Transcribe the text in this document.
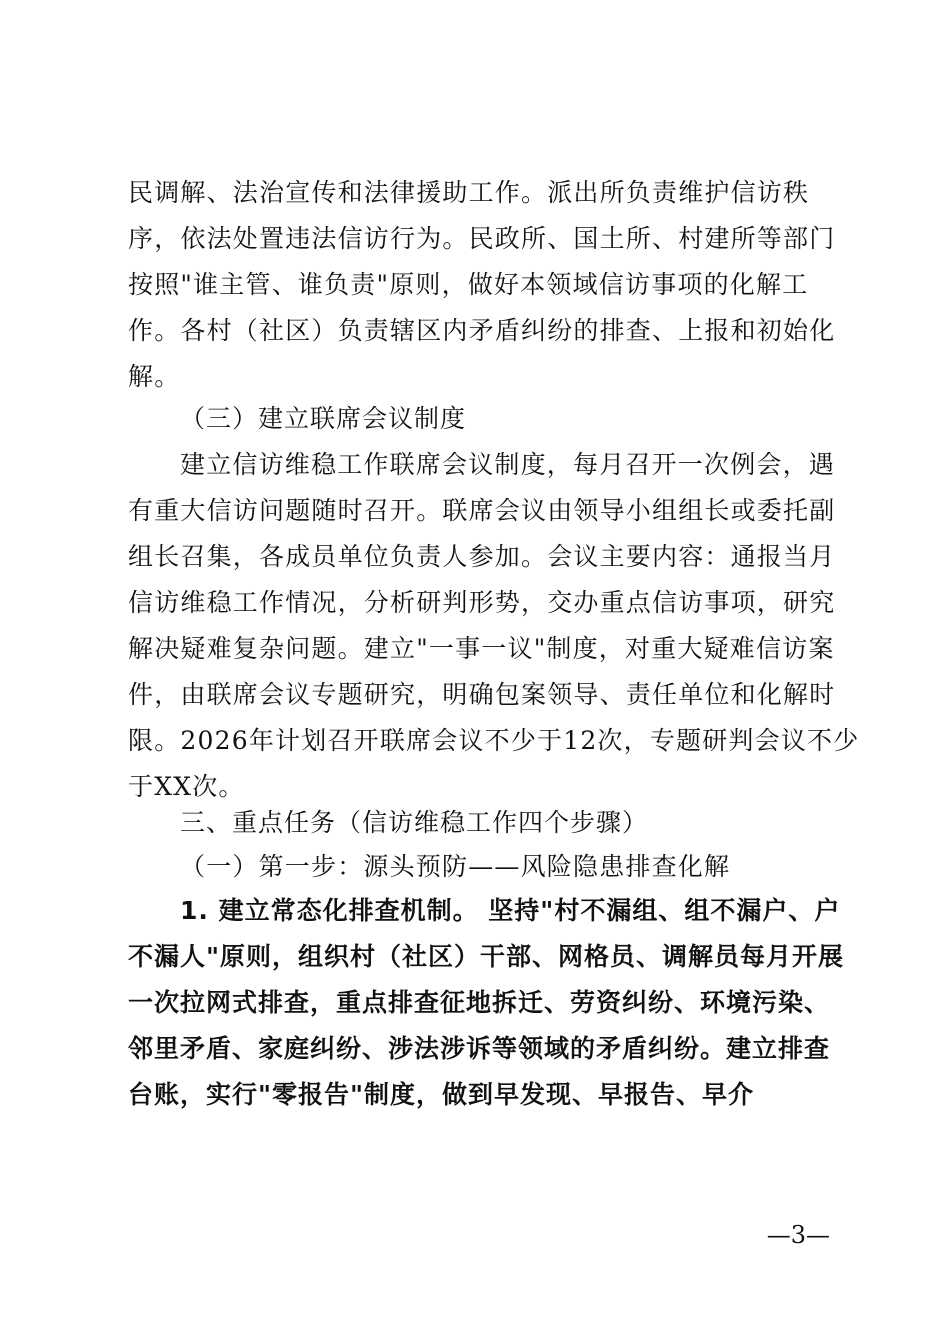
民调解、法治宣传和法律援助工作。派出所负责维护信访秩
序，依法处置违法信访行为。民政所、国土所、村建所等部门
按照"谁主管、谁负责"原则，做好本领域信访事项的化解工
作。各村（社区）负责辖区内矛盾纠纷的排查、上报和初始化
解。
（三）建立联席会议制度
建立信访维稳工作联席会议制度，每月召开一次例会，遇
有重大信访问题随时召开。联席会议由领导小组组长或委托副
组长召集，各成员单位负责人参加。会议主要内容：通报当月
信访维稳工作情况，分析研判形势，交办重点信访事项，研究
解决疑难复杂问题。建立"一事一议"制度，对重大疑难信访案
件，由联席会议专题研究，明确包案领导、责任单位和化解时
限。2026年计划召开联席会议不少于12次，专题研判会议不少
于XX次。
三、重点任务（信访维稳工作四个步骤）
（一）第一步：源头预防——风险隐患排查化解
1. 建立常态化排查机制。 坚持"村不漏组、组不漏户、户
不漏人"原则，组织村（社区）干部、网格员、调解员每月开展
一次拉网式排查，重点排查征地拆迁、劳资纠纷、环境污染、
邻里矛盾、家庭纠纷、涉法涉诉等领域的矛盾纠纷。建立排查
台账，实行"零报告"制度，做到早发现、早报告、早介
—3—
